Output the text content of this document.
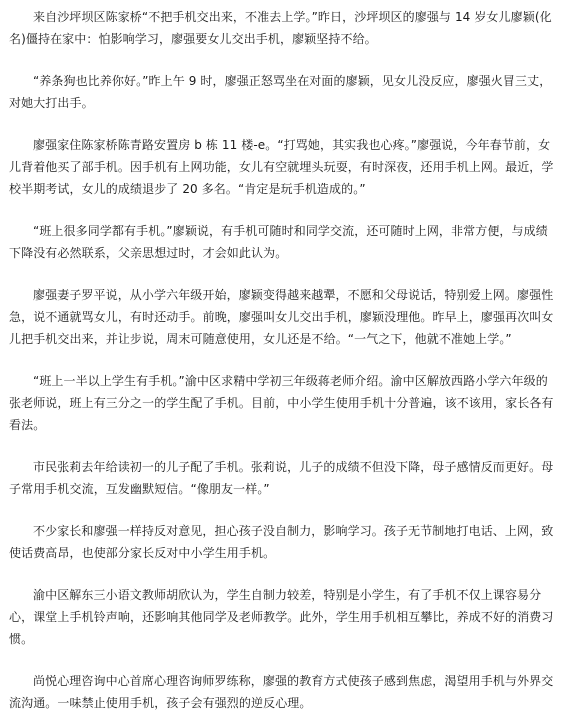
来自沙坪坝区陈家桥“不把手机交出来，不准去上学。”昨日，沙坪坝区的廖强与 14 岁女儿廖颖(化名)僵持在家中：怕影响学习，廖强要女儿交出手机，廖颖坚持不给。

“养条狗也比养你好。”昨上午 9 时，廖强正怒骂坐在对面的廖颖，见女儿没反应，廖强火冒三丈，对她大打出手。

廖强家住陈家桥陈青路安置房 b 栋 11 楼-e。“打骂她，其实我也心疼。”廖强说，今年春节前，女儿背着他买了部手机。因手机有上网功能，女儿有空就埋头玩耍，有时深夜，还用手机上网。最近，学校半期考试，女儿的成绩退步了 20 多名。“肯定是玩手机造成的。”

“班上很多同学都有手机。”廖颖说，有手机可随时和同学交流，还可随时上网，非常方便，与成绩下降没有必然联系，父亲思想过时，才会如此认为。

廖强妻子罗平说，从小学六年级开始，廖颖变得越来越犟，不愿和父母说话，特别爱上网。廖强性急，说不通就骂女儿，有时还动手。前晚，廖强叫女儿交出手机，廖颖没理他。昨早上，廖强再次叫女儿把手机交出来，并让步说，周末可随意使用，女儿还是不给。“一气之下，他就不准她上学。”

“班上一半以上学生有手机。”渝中区求精中学初三年级蒋老师介绍。渝中区解放西路小学六年级的张老师说，班上有三分之一的学生配了手机。目前，中小学生使用手机十分普遍，该不该用，家长各有看法。

市民张莉去年给读初一的儿子配了手机。张莉说，儿子的成绩不但没下降，母子感情反而更好。母子常用手机交流，互发幽默短信。“像朋友一样。”

不少家长和廖强一样持反对意见，担心孩子没自制力，影响学习。孩子无节制地打电话、上网，致使话费高昂，也使部分家长反对中小学生用手机。

渝中区解东三小语文教师胡欣认为，学生自制力较差，特别是小学生，有了手机不仅上课容易分心，课堂上手机铃声响，还影响其他同学及老师教学。此外，学生用手机相互攀比，养成不好的消费习惯。

尚悦心理咨询中心首席心理咨询师罗练称，廖强的教育方式使孩子感到焦虑，渴望用手机与外界交流沟通。一味禁止使用手机，孩子会有强烈的逆反心理。
